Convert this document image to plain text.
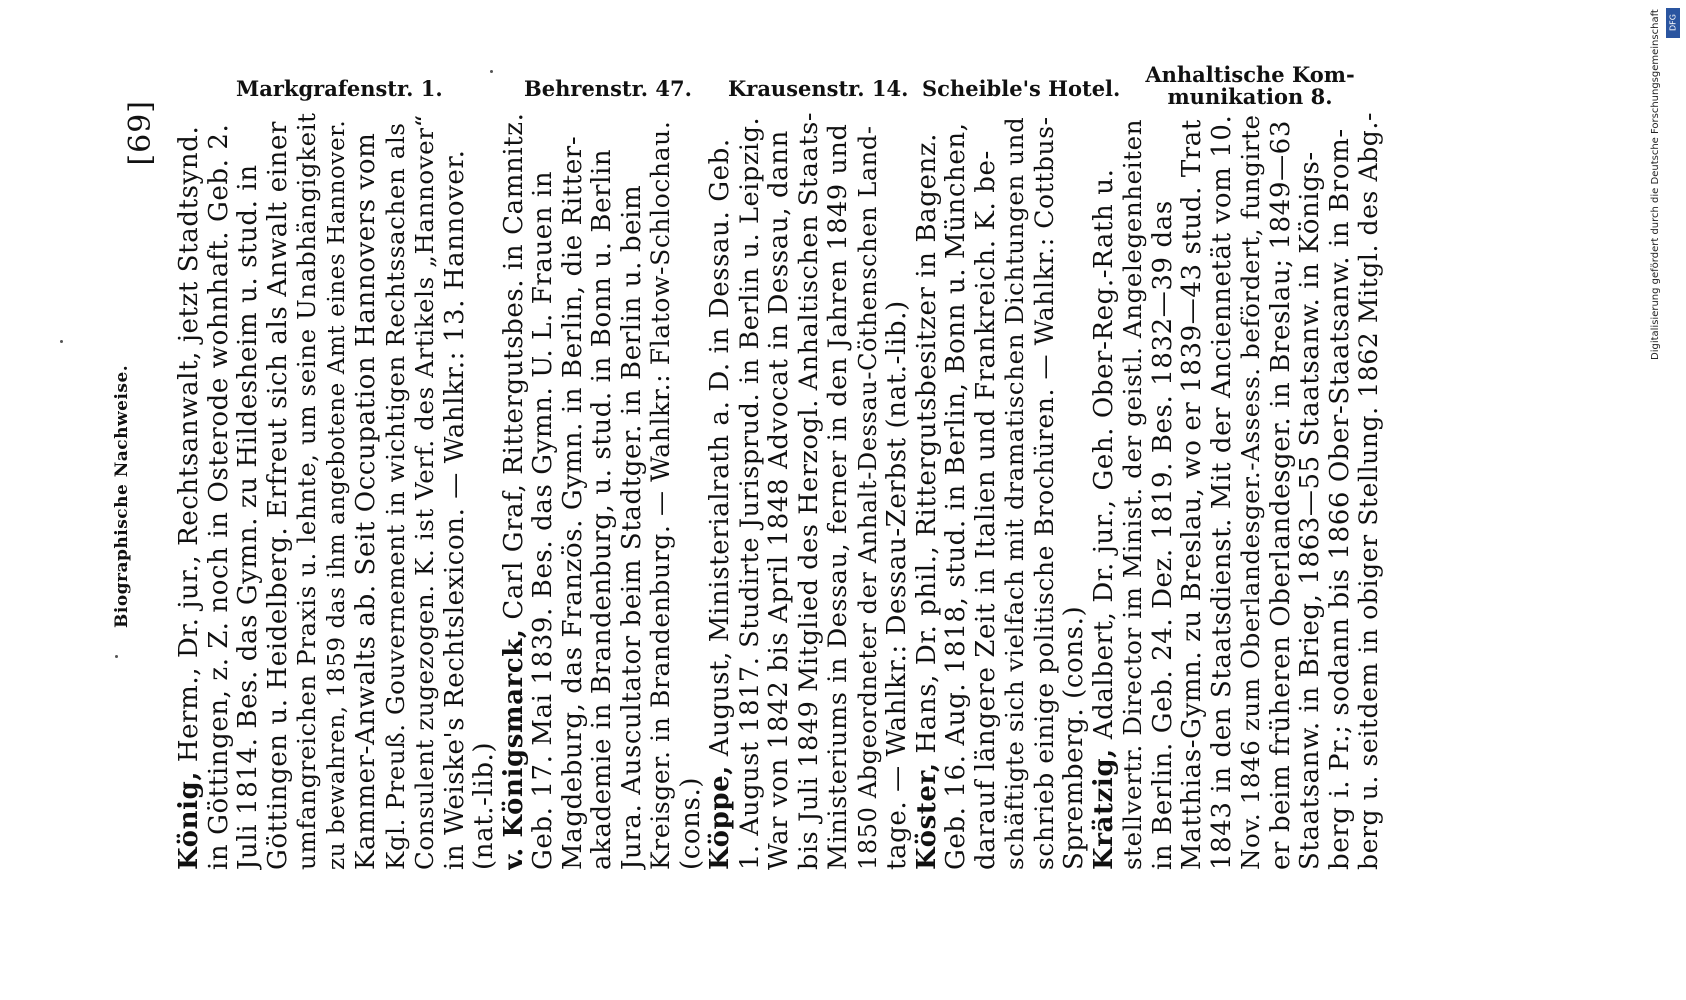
Markgrafenstr. 1.	Behrenstr. 47. Krausenstr. 14. Scheible's Hotel.
Anhaltische Kom-
munikation 8.
Biographische Nachweise.
[69]
König, Herm., Dr. jur., Rechtsanwalt, jetzt Stadtsynd. in Göttingen, z. Z. noch in Osterode wohnhaft. Geb. 2. Juli 1814. Bes. das Gymn. zu Hildesheim u. stud. in Göttingen u. Heidelberg. Erfreut sich als Anwalt einer umfangreichen Praxis u. lehnte, um seine Unabhängigkeit zu bewahren, 1859 das ihm angebotene Amt eines Hannover. Kammer-Anwalts ab. Seit Occupation Hannovers vom Kgl. Preuß. Gouvernement in wichtigen Rechtssachen als Consulent zugezogen. K. ist Verf. des Artikels „Hannover“ in Weiske's Rechtslexicon. — Wahlkr.: 13. Hannover. (nat.-lib.) v. Königsmarck, Carl Graf, Rittergutsbes. in Camnitz. Geb. 17. Mai 1839. Bes. das Gymn. U. L. Frauen in Magdeburg, das Französ. Gymn. in Berlin, die Ritter- akademie in Brandenburg, u. stud. in Bonn u. Berlin Jura. Auscultator beim Stadtger. in Berlin u. beim Kreisger. in Brandenburg. — Wahlkr.: Flatow-Schlochau. (cons.) Köppe, August, Ministerialrath a. D. in Dessau. Geb. 1. August 1817. Studirte Jurisprud. in Berlin u. Leipzig. War von 1842 bis April 1848 Advocat in Dessau, dann bis Juli 1849 Mitglied des Herzogl. Anhaltischen Staats- Ministeriums in Dessau, ferner in den Jahren 1849 und 1850 Abgeordneter der Anhalt-Dessau-Cöthenschen Land- tage. — Wahlkr.: Dessau-Zerbst (nat.-lib.) Köster, Hans, Dr. phil., Rittergutsbesitzer in Bagenz. Geb. 16. Aug. 1818, stud. in Berlin, Bonn u. München, darauf längere Zeit in Italien und Frankreich. K. be- schäftigte sich vielfach mit dramatischen Dichtungen und schrieb einige politische Brochüren. — Wahlkr.: Cottbus- Spremberg. (cons.) Krätzig, Adalbert, Dr. jur., Geh. Ober-Reg.-Rath u. stellvertr. Director im Minist. der geistl. Angelegenheiten in Berlin. Geb. 24. Dez. 1819. Bes. 1832—39 das Matthias-Gymn. zu Breslau, wo er 1839—43 stud. Trat 1843 in den Staatsdienst. Mit der Anciennetät vom 10. Nov. 1846 zum Oberlandesger.-Assess. befördert, fungirte er beim früheren Oberlandesger. in Breslau; 1849—63 Staatsanw. in Brieg, 1863—55 Staatsanw. in Königs- berg i. Pr.; sodann bis 1866 Ober-Staatsanw. in Brom- berg u. seitdem in obiger Stellung. 1862 Mitgl. des Abg.-	Digitalisierung gefördert durch die Deutsche Forschungsgemeinschaft DFG
